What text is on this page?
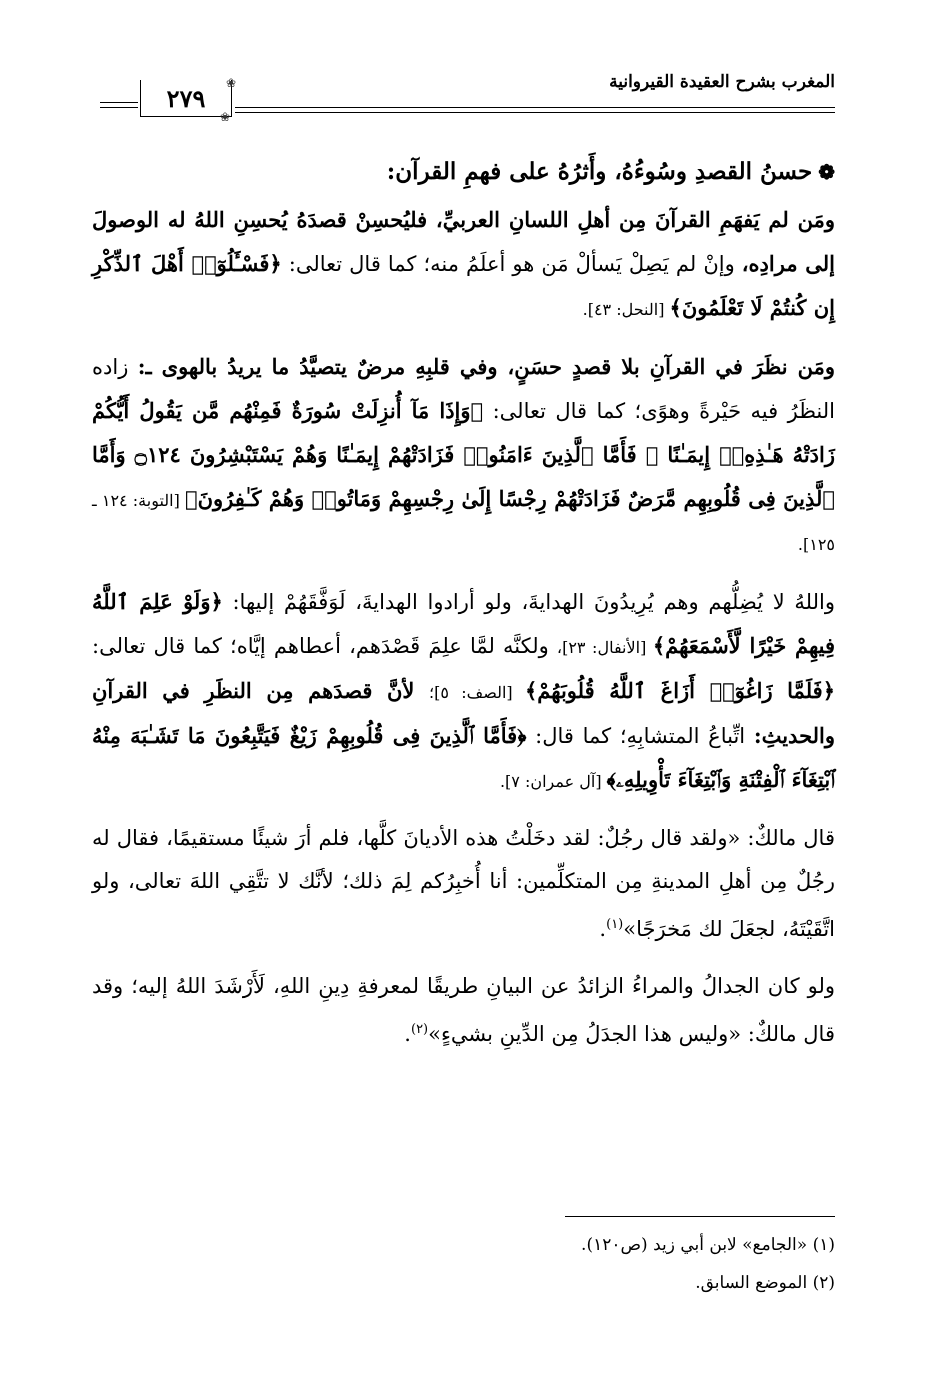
المغرب بشرح العقيدة القيروانية
٢٧٩
❀
❀

❁حسنُ القصدِ وسُوءُهُ، وأَثرُهُ على فهمِ القرآن:

ومَن لم يَفهَمِ القرآنَ مِن أهلِ اللسانِ العربيِّ، فليُحسِنْ قصدَهُ يُحسِنِ اللهُ له الوصولَ إلى مرادِه، وإنْ لم يَصِلْ يَسألْ مَن هو أعلَمُ منه؛ كما قال تعالى: ﴿فَسْـَٔلُوٓا۟ أَهْلَ ٱلذِّكْرِ إِن كُنتُمْ لَا تَعْلَمُونَ﴾ [النحل: ٤٣].

ومَن نظَرَ في القرآنِ بلا قصدٍ حسَنٍ، وفي قلبِهِ مرضٌ يتصيَّدُ ما يريدُ بالهوى ـ: زاده النظَرُ فيه حَيْرةً وهوًى؛ كما قال تعالى: ﴿وَإِذَا مَآ أُنزِلَتْ سُورَةٌ فَمِنْهُم مَّن يَقُولُ أَيُّكُمْ زَادَتْهُ هَـٰذِهِۦٓ إِيمَـٰنًا ۚ فَأَمَّا ٱلَّذِينَ ءَامَنُوا۟ فَزَادَتْهُمْ إِيمَـٰنًا وَهُمْ يَسْتَبْشِرُونَ ۝١٢٤ وَأَمَّا ٱلَّذِينَ فِى قُلُوبِهِم مَّرَضٌ فَزَادَتْهُمْ رِجْسًا إِلَىٰ رِجْسِهِمْ وَمَاتُوا۟ وَهُمْ كَـٰفِرُونَ﴾ [التوبة: ١٢٤ ـ ١٢٥].

واللهُ لا يُضِلُّهم وهم يُرِيدُونَ الهدايةَ، ولو أرادوا الهدايةَ، لَوَفَّقَهُمْ إليها: ﴿وَلَوْ عَلِمَ ٱللَّهُ فِيهِمْ خَيْرًا لَّأَسْمَعَهُمْ﴾ [الأنفال: ٢٣]، ولكنَّه لمَّا علِمَ قَصْدَهم، أعطاهم إيَّاه؛ كما قال تعالى: ﴿فَلَمَّا زَاغُوٓا۟ أَزَاغَ ٱللَّهُ قُلُوبَهُمْ﴾ [الصف: ٥]؛ لأنَّ قصدَهم مِن النظَرِ في القرآنِ والحديثِ: اتِّباعُ المتشابِهِ؛ كما قال: ﴿فَأَمَّا ٱلَّذِينَ فِى قُلُوبِهِمْ زَيْغٌ فَيَتَّبِعُونَ مَا تَشَـٰبَهَ مِنْهُ ٱبْتِغَآءَ ٱلْفِتْنَةِ وَٱبْتِغَآءَ تَأْوِيلِهِۦ﴾ [آل عمران: ٧].

قال مالكٌ: «ولقد قال رجُلٌ: لقد دخَلْتُ هذه الأديانَ كلَّها، فلم أرَ شيئًا مستقيمًا، فقال له رجُلٌ مِن أهلِ المدينةِ مِن المتكلِّمين: أنا أُخبِرُكم لِمَ ذلك؛ لأنَّك لا تتَّقِي اللهَ تعالى، ولو اتَّقَيْتَهُ، لجعَلَ لك مَخرَجًا»$^{(١)}$.

ولو كان الجدالُ والمراءُ الزائدُ عن البيانِ طريقًا لمعرفةِ دِينِ اللهِ، لَأَرْشَدَ اللهُ إليه؛ وقد قال مالكٌ: «وليس هذا الجدَلُ مِن الدِّينِ بشيءٍ»$^{(٢)}$.

(١) «الجامع» لابن أبي زيد (ص١٢٠).

(٢) الموضع السابق.
